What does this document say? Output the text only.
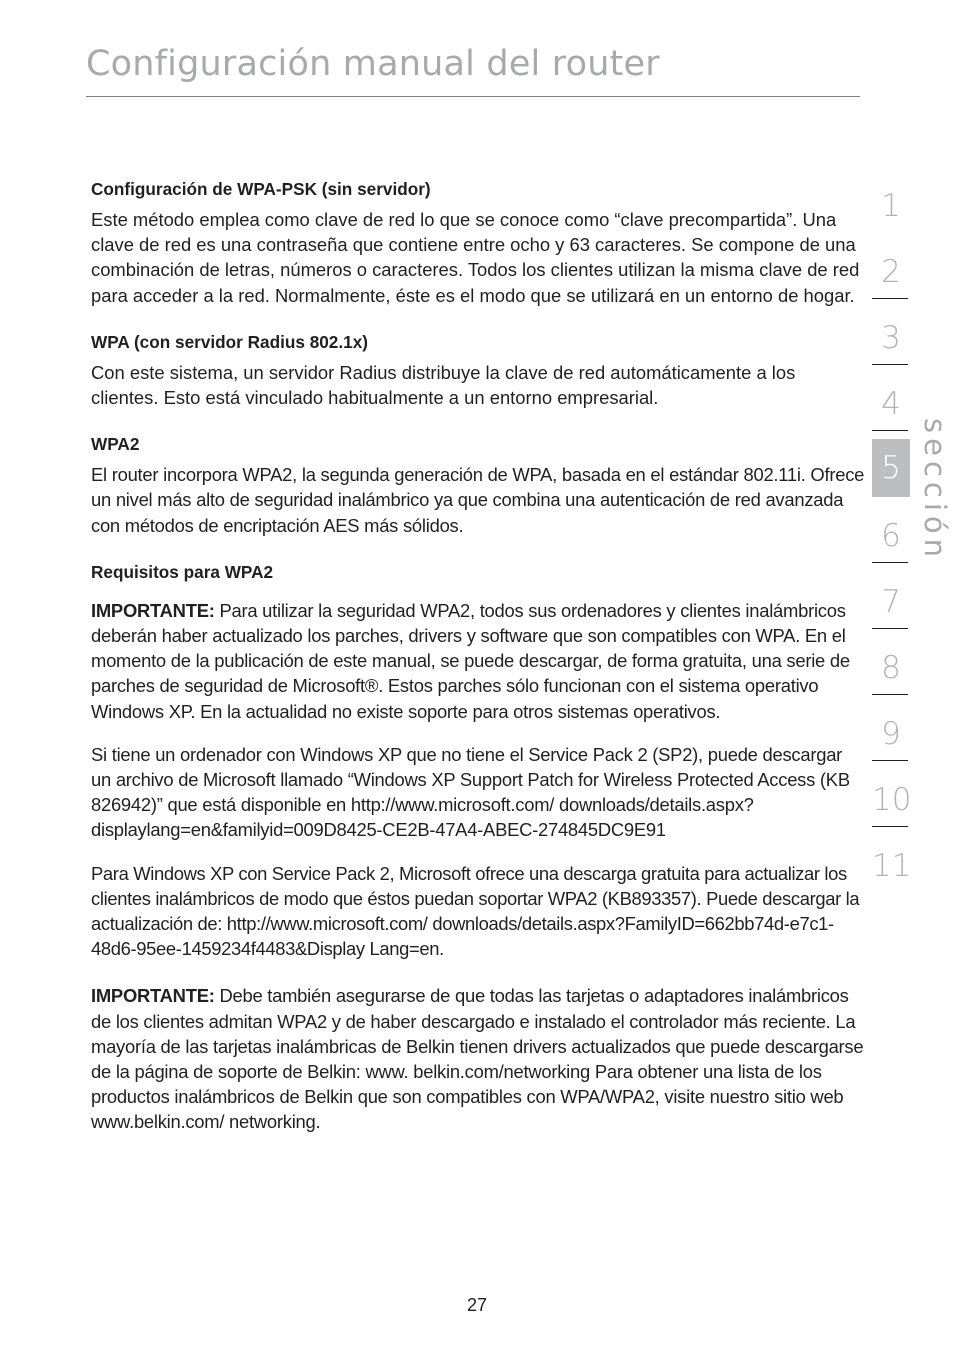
Configuración manual del router
Configuración de WPA-PSK (sin servidor)

Este método emplea como clave de red lo que se conoce como “clave precompartida”. Una clave de red es una contraseña que contiene entre ocho y 63 caracteres. Se compone de una combinación de letras, números o caracteres. Todos los clientes utilizan la misma clave de red para acceder a la red. Normalmente, éste es el modo que se utilizará en un entorno de hogar.

WPA (con servidor Radius 802.1x)

Con este sistema, un servidor Radius distribuye la clave de red automáticamente a los clientes. Esto está vinculado habitualmente a un entorno empresarial.

WPA2

El router incorpora WPA2, la segunda generación de WPA, basada en el estándar 802.11i. Ofrece un nivel más alto de seguridad inalámbrico ya que combina una autenticación de red avanzada con métodos de encriptación AES más sólidos.

Requisitos para WPA2

IMPORTANTE: Para utilizar la seguridad WPA2, todos sus ordenadores y clientes inalámbricos deberán haber actualizado los parches, drivers y software que son compatibles con WPA. En el momento de la publicación de este manual, se puede descargar, de forma gratuita, una serie de parches de seguridad de Microsoft®. Estos parches sólo funcionan con el sistema operativo Windows XP. En la actualidad no existe soporte para otros sistemas operativos.

Si tiene un ordenador con Windows XP que no tiene el Service Pack 2 (SP2), puede descargar un archivo de Microsoft llamado “Windows XP Support Patch for Wireless Protected Access (KB 826942)” que está disponible en http://www.microsoft.com/ downloads/details.aspx?displaylang=en&familyid=009D8425-CE2B-47A4-ABEC-274845DC9E91

Para Windows XP con Service Pack 2, Microsoft ofrece una descarga gratuita para actualizar los clientes inalámbricos de modo que éstos puedan soportar WPA2 (KB893357). Puede descargar la actualización de: http://www.microsoft.com/ downloads/details.aspx?FamilyID=662bb74d-e7c1-48d6-95ee-1459234f4483&Display Lang=en.

IMPORTANTE: Debe también asegurarse de que todas las tarjetas o adaptadores inalámbricos de los clientes admitan WPA2 y de haber descargado e instalado el controlador más reciente. La mayoría de las tarjetas inalámbricas de Belkin tienen drivers actualizados que puede descargarse de la página de soporte de Belkin: www. belkin.com/networking Para obtener una lista de los productos inalámbricos de Belkin que son compatibles con WPA/WPA2, visite nuestro sitio web www.belkin.com/ networking.

1
2
3
4
5
6
7
8
9
10
11
sección
27
